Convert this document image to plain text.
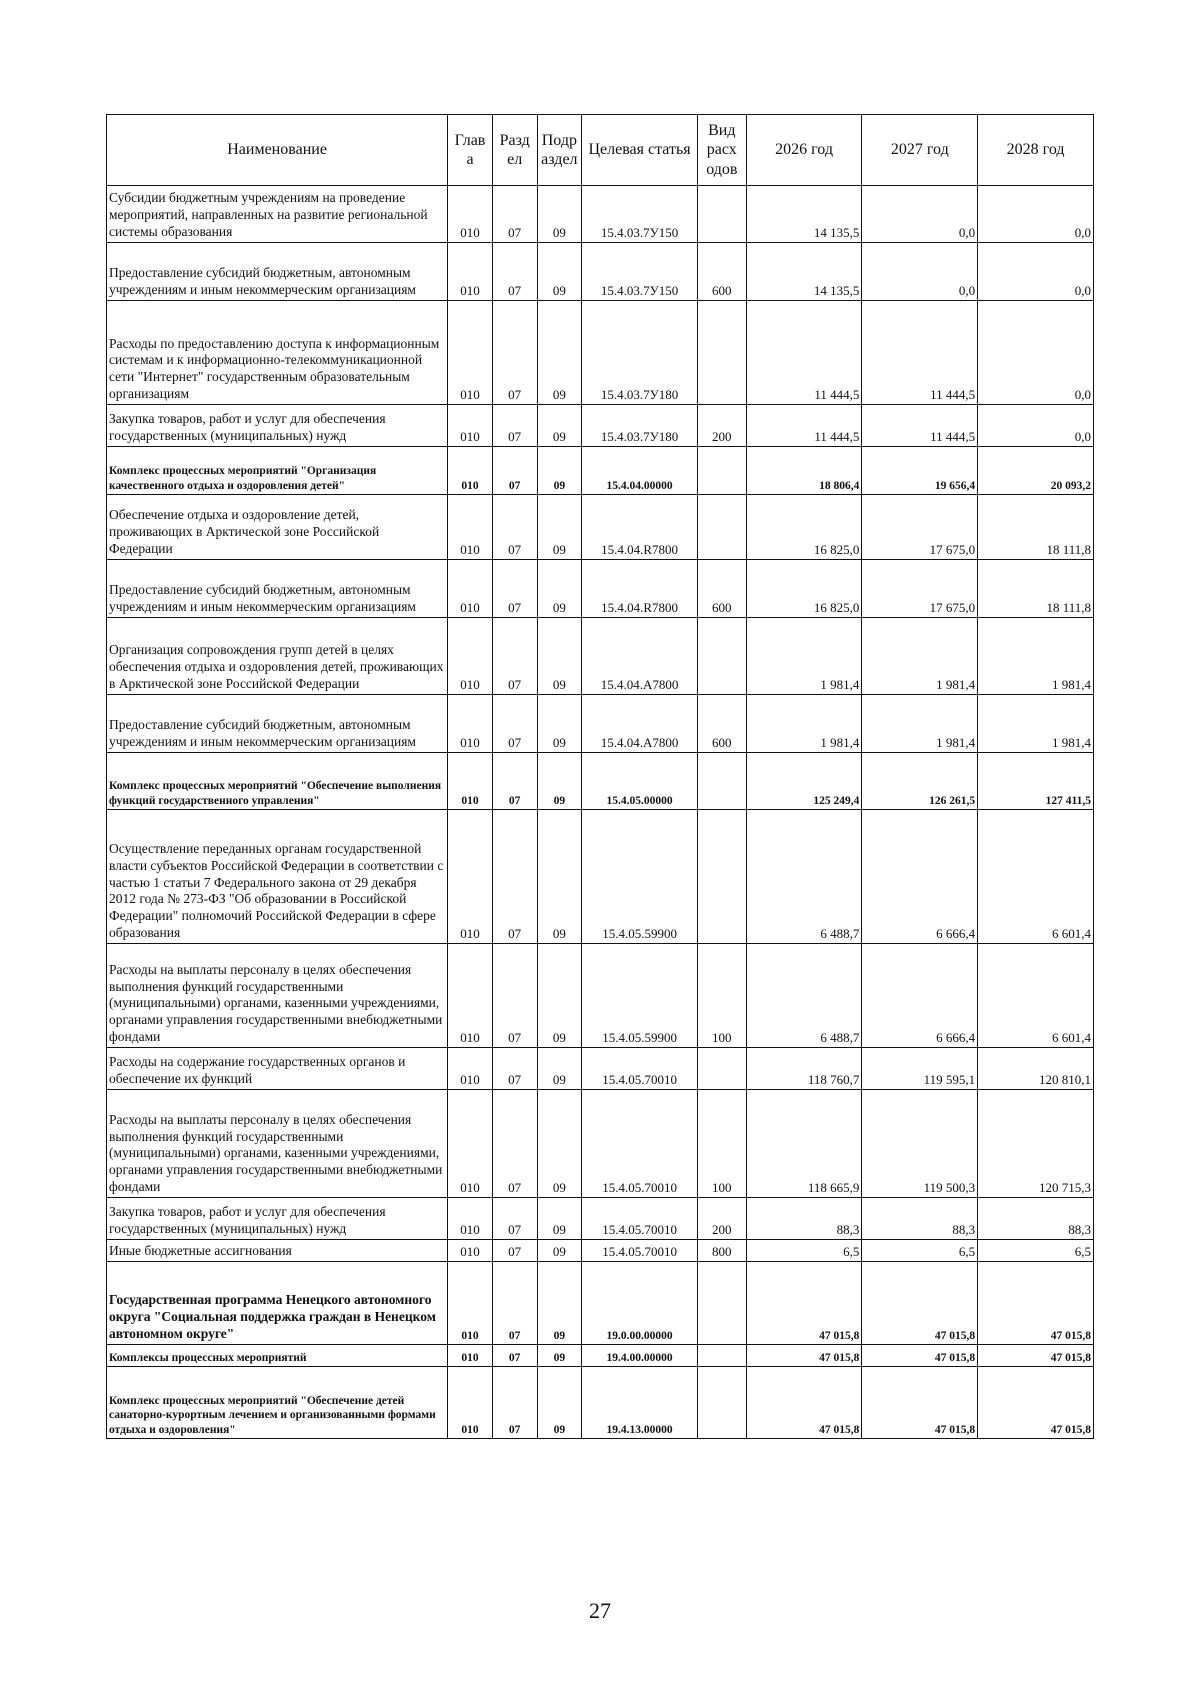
Наименование	Глав а	Разд ел	Подр аздел	Целевая статья	Вид расх одов	2026 год	2027 год	2028 год
Субсидии бюджетным учреждениям на проведение мероприятий, направленных на развитие региональной системы образования	010	07	09	15.4.03.7У150		14 135,5	0,0	0,0
Предоставление субсидий бюджетным, автономным учреждениям и иным некоммерческим организациям	010	07	09	15.4.03.7У150	600	14 135,5	0,0	0,0
Расходы по предоставлению доступа к информационным системам и к информационно-телекоммуникационной сети "Интернет" государственным образовательным организациям	010	07	09	15.4.03.7У180		11 444,5	11 444,5	0,0
Закупка товаров, работ и услуг для обеспечения государственных (муниципальных) нужд	010	07	09	15.4.03.7У180	200	11 444,5	11 444,5	0,0
Комплекс процессных мероприятий "Организация качественного отдыха и оздоровления детей"	010	07	09	15.4.04.00000		18 806,4	19 656,4	20 093,2
Обеспечение отдыха и оздоровление детей, проживающих в Арктической зоне Российской Федерации	010	07	09	15.4.04.R7800		16 825,0	17 675,0	18 111,8
Предоставление субсидий бюджетным, автономным учреждениям и иным некоммерческим организациям	010	07	09	15.4.04.R7800	600	16 825,0	17 675,0	18 111,8
Организация сопровождения групп детей в целях обеспечения отдыха и оздоровления детей, проживающих в Арктической зоне Российской Федерации	010	07	09	15.4.04.А7800		1 981,4	1 981,4	1 981,4
Предоставление субсидий бюджетным, автономным учреждениям и иным некоммерческим организациям	010	07	09	15.4.04.А7800	600	1 981,4	1 981,4	1 981,4
Комплекс процессных мероприятий "Обеспечение выполнения функций государственного управления"	010	07	09	15.4.05.00000		125 249,4	126 261,5	127 411,5
Осуществление переданных органам государственной власти субъектов Российской Федерации в соответствии с частью 1 статьи 7 Федерального закона от 29 декабря 2012 года № 273-ФЗ "Об образовании в Российской Федерации" полномочий Российской Федерации в сфере образования	010	07	09	15.4.05.59900		6 488,7	6 666,4	6 601,4
Расходы на выплаты персоналу в целях обеспечения выполнения функций государственными (муниципальными) органами, казенными учреждениями, органами управления государственными внебюджетными фондами	010	07	09	15.4.05.59900	100	6 488,7	6 666,4	6 601,4
Расходы на содержание государственных органов и обеспечение их функций	010	07	09	15.4.05.70010		118 760,7	119 595,1	120 810,1
Расходы на выплаты персоналу в целях обеспечения выполнения функций государственными (муниципальными) органами, казенными учреждениями, органами управления государственными внебюджетными фондами	010	07	09	15.4.05.70010	100	118 665,9	119 500,3	120 715,3
Закупка товаров, работ и услуг для обеспечения государственных (муниципальных) нужд	010	07	09	15.4.05.70010	200	88,3	88,3	88,3
Иные бюджетные ассигнования	010	07	09	15.4.05.70010	800	6,5	6,5	6,5
Государственная программа Ненецкого автономного округа "Социальная поддержка граждан в Ненецком автономном округе"	010	07	09	19.0.00.00000		47 015,8	47 015,8	47 015,8
Комплексы процессных мероприятий	010	07	09	19.4.00.00000		47 015,8	47 015,8	47 015,8
Комплекс процессных мероприятий "Обеспечение детей санаторно-курортным лечением и организованными формами отдыха и оздоровления"	010	07	09	19.4.13.00000		47 015,8	47 015,8	47 015,8
27
